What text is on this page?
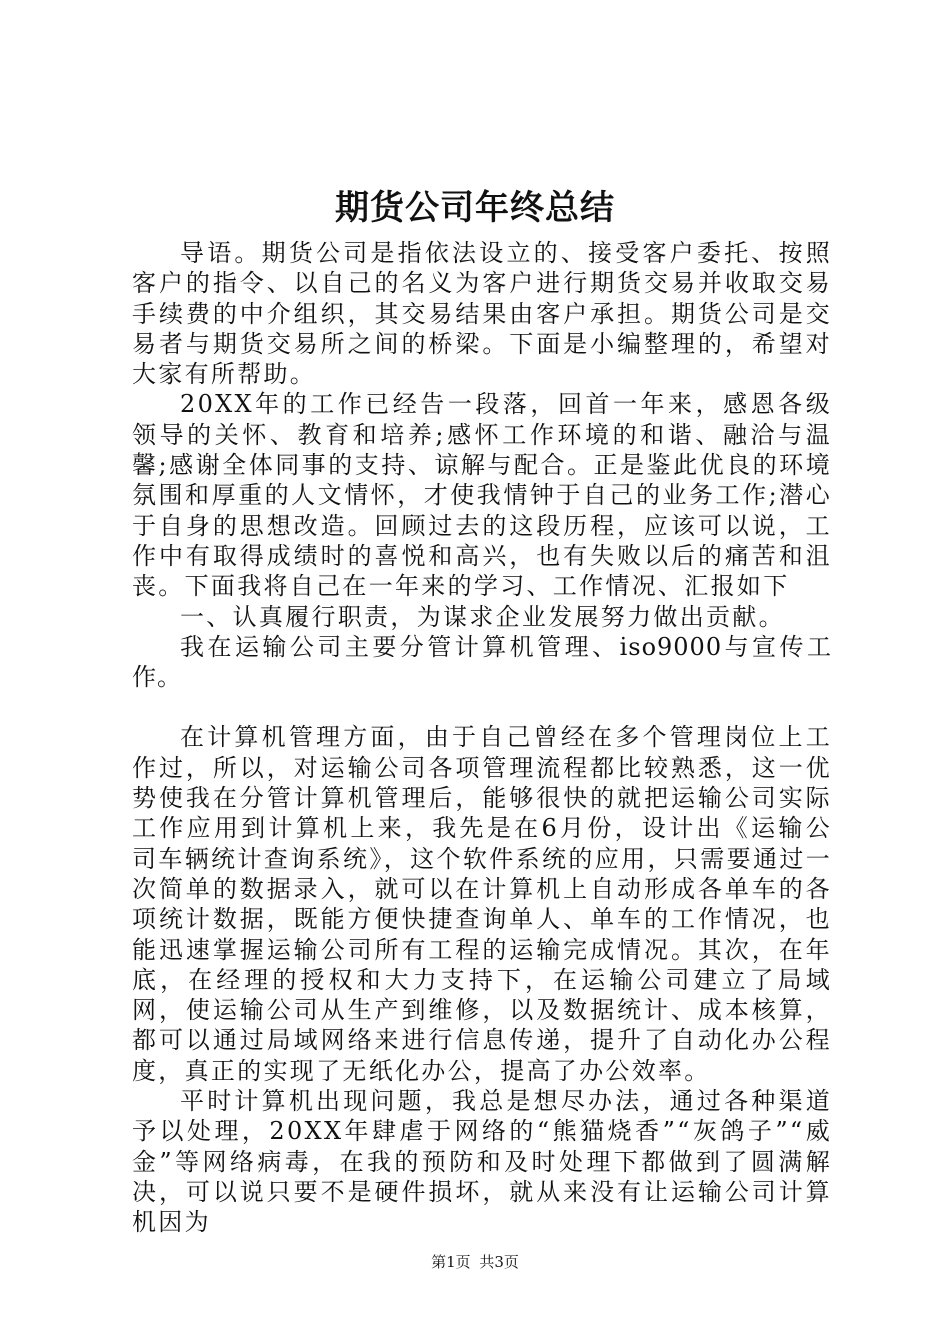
期货公司年终总结

导语。期货公司是指依法设立的、接受客户委托、按照客户的指令、以自己的名义为客户进行期货交易并收取交易手续费的中介组织，其交易结果由客户承担。期货公司是交易者与期货交易所之间的桥梁。下面是小编整理的，希望对大家有所帮助。

20XX年的工作已经告一段落，回首一年来，感恩各级领导的关怀、教育和培养;感怀工作环境的和谐、融洽与温馨;感谢全体同事的支持、谅解与配合。正是鉴此优良的环境氛围和厚重的人文情怀，才使我情钟于自己的业务工作;潜心于自身的思想改造。回顾过去的这段历程，应该可以说，工作中有取得成绩时的喜悦和高兴，也有失败以后的痛苦和沮丧。下面我将自己在一年来的学习、工作情况、汇报如下

一、认真履行职责，为谋求企业发展努力做出贡献。

我在运输公司主要分管计算机管理、iso9000与宣传工作。

在计算机管理方面，由于自己曾经在多个管理岗位上工作过，所以，对运输公司各项管理流程都比较熟悉，这一优势使我在分管计算机管理后，能够很快的就把运输公司实际工作应用到计算机上来，我先是在6月份，设计出《运输公司车辆统计查询系统》，这个软件系统的应用，只需要通过一次简单的数据录入，就可以在计算机上自动形成各单车的各项统计数据，既能方便快捷查询单人、单车的工作情况，也能迅速掌握运输公司所有工程的运输完成情况。其次，在年底，在经理的授权和大力支持下，在运输公司建立了局域网，使运输公司从生产到维修，以及数据统计、成本核算，都可以通过局域网络来进行信息传递，提升了自动化办公程度，真正的实现了无纸化办公，提高了办公效率。

平时计算机出现问题，我总是想尽办法，通过各种渠道予以处理，20XX年肆虐于网络的“熊猫烧香”“灰鸽子”“威金”等网络病毒，在我的预防和及时处理下都做到了圆满解决，可以说只要不是硬件损坏，就从来没有让运输公司计算机因为

第1页 共3页
